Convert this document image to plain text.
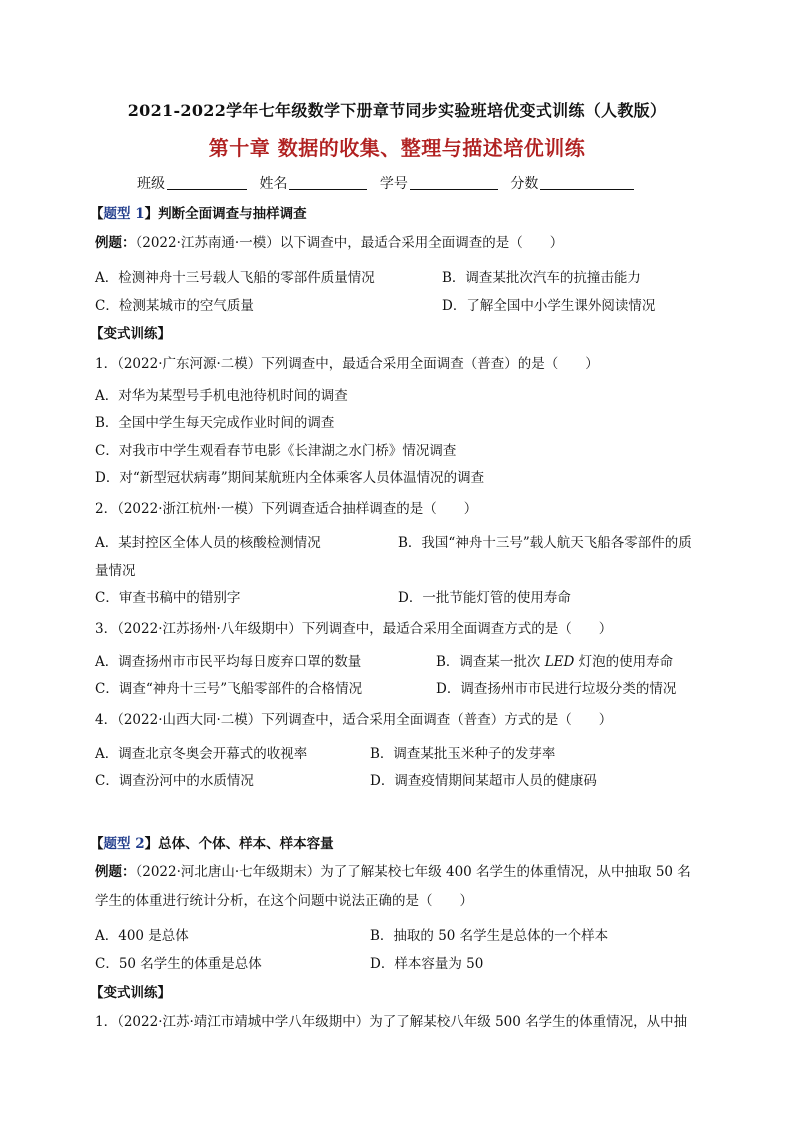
2021-2022学年七年级数学下册章节同步实验班培优变式训练（人教版）
第十章 数据的收集、整理与描述培优训练
班级	姓名	学号	分数
【题型 1】判断全面调查与抽样调查
例题：（2022·江苏南通·一模）以下调查中，最适合采用全面调查的是（　　）
A．检测神舟十三号载人飞船的零部件质量情况	B．调查某批次汽车的抗撞击能力
C．检测某城市的空气质量	D．了解全国中小学生课外阅读情况
【变式训练】
1．（2022·广东河源·二模）下列调查中，最适合采用全面调查（普查）的是（　　）
A．对华为某型号手机电池待机时间的调查
B．全国中学生每天完成作业时间的调查
C．对我市中学生观看春节电影《长津湖之水门桥》情况调查
D．对“新型冠状病毒”期间某航班内全体乘客人员体温情况的调查
2．（2022·浙江杭州·一模）下列调查适合抽样调查的是（　　）
A．某封控区全体人员的核酸检测情况	B．我国“神舟十三号”载人航天飞船各零部件的质
量情况
C．审查书稿中的错别字	D．一批节能灯管的使用寿命
3．（2022·江苏扬州·八年级期中）下列调查中，最适合采用全面调查方式的是（　　）
A．调查扬州市市民平均每日废弃口罩的数量	B．调查某一批次 LED 灯泡的使用寿命
C．调查“神舟十三号”飞船零部件的合格情况	D．调查扬州市市民进行垃圾分类的情况
4．（2022·山西大同·二模）下列调查中，适合采用全面调查（普查）方式的是（　　）
A．调查北京冬奥会开幕式的收视率	B．调查某批玉米种子的发芽率
C．调查汾河中的水质情况	D．调查疫情期间某超市人员的健康码
【题型 2】总体、个体、样本、样本容量
例题：（2022·河北唐山·七年级期末）为了了解某校七年级 400 名学生的体重情况，从中抽取 50 名
学生的体重进行统计分析，在这个问题中说法正确的是（　　）
A．400 是总体	B．抽取的 50 名学生是总体的一个样本
C．50 名学生的体重是总体	D．样本容量为 50
【变式训练】
1．（2022·江苏·靖江市靖城中学八年级期中）为了了解某校八年级 500 名学生的体重情况，从中抽
